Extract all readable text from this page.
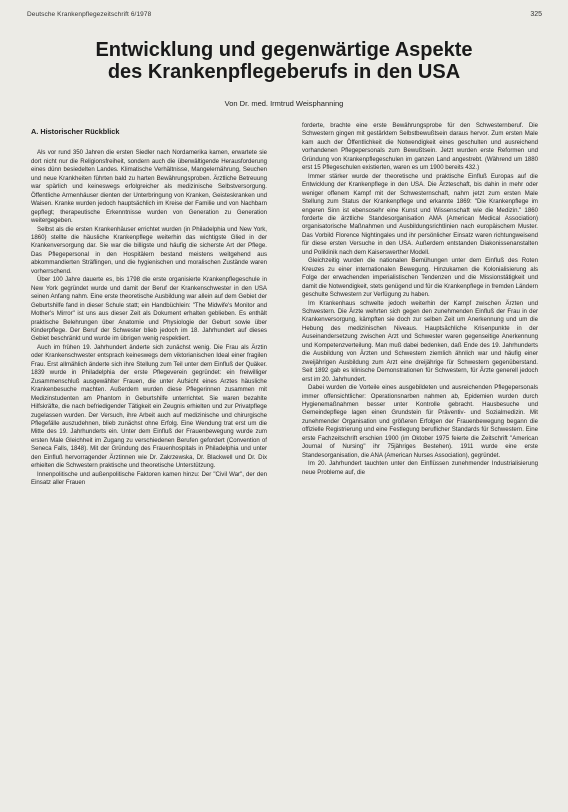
Deutsche Krankenpflegezeitschrift 6/1978	325
Entwicklung und gegenwärtige Aspekte
des Krankenpflegeberufs in den USA
Von Dr. med. Irmtrud Weisphanning
A. Historischer Rückblick

Als vor rund 350 Jahren die ersten Siedler nach Nordamerika kamen, erwartete sie dort nicht nur die Religionsfreiheit, sondern auch die überwältigende Herausforderung eines dünn besiedelten Landes. Klimatische Verhältnisse, Mangelernährung, Seuchen und neue Krankheiten führten bald zu harten Bewährungsproben. Ärztliche Betreuung war spärlich und keineswegs erfolgreicher als medizinische Selbstversorgung. Öffentliche Armenhäuser dienten der Unterbringung von Kranken, Geisteskranken und Waisen. Kranke wurden jedoch hauptsächlich im Kreise der Familie und von Nachbarn gepflegt; therapeutische Erkenntnisse wurden von Generation zu Generation weitergegeben.

Selbst als die ersten Krankenhäuser errichtet wurden (in Philadelphia und New York, 1860) stellte die häusliche Krankenpflege weiterhin das wichtigste Glied in der Krankenversorgung dar. Sie war die billigste und häufig die sicherste Art der Pflege. Das Pflegepersonal in den Hospitälern bestand meistens weitgehend aus abkommandierten Sträflingen, und die hygienischen und moralischen Zustände waren vorherrschend.

Über 100 Jahre dauerte es, bis 1798 die erste organisierte Krankenpflegeschule in New York gegründet wurde und damit der Beruf der Krankenschwester in den USA seinen Anfang nahm. Eine erste theoretische Ausbildung war allein auf dem Gebiet der Geburtshilfe fand in dieser Schule statt; ein Handbüchlein: "The Midwife's Monitor and Mother's Mirror" ist uns aus dieser Zeit als Dokument erhalten geblieben. Es enthält praktische Belehrungen über Anatomie und Physiologie der Geburt sowie über Kinderpflege. Der Beruf der Schwester blieb jedoch im 18. Jahrhundert auf dieses Gebiet beschränkt und wurde im übrigen wenig respektiert.

Auch im frühen 19. Jahrhundert änderte sich zunächst wenig. Die Frau als Ärztin oder Krankenschwester entsprach keineswegs dem viktorianischen Ideal einer fragilen Frau. Erst allmählich änderte sich ihre Stellung zum Teil unter dem Einfluß der Quäker. 1839 wurde in Philadelphia der erste Pflegeverein gegründet: ein freiwilliger Zusammenschluß ausgewählter Frauen, die unter Aufsicht eines Arztes häusliche Krankenbesuche machten. Außerdem wurden diese Pflegerinnen zusammen mit Medizinstudenten am Phantom in Geburtshilfe unterrichtet. Sie waren bezahlte Hilfskräfte, die nach befriedigender Tätigkeit ein Zeugnis erhielten und zur Privatpflege zugelassen wurden. Der Versuch, ihre Arbeit auch auf medizinische und chirurgische Pflegefälle auszudehnen, blieb zunächst ohne Erfolg. Eine Wendung trat erst um die Mitte des 19. Jahrhunderts ein. Unter dem Einfluß der Frauenbewegung wurde zum ersten Male Gleichheit im Zugang zu verschiedenen Berufen gefordert (Convention of Seneca Falls, 1848). Mit der Gründung des Frauenhospitals in Philadelphia und unter den Einfluß hervorragender Ärztinnen wie Dr. Zakrzewska, Dr. Blackwell und Dr. Dix erhielten die Schwestern praktische und theoretische Unterstützung.

Innenpolitische und außenpolitische Faktoren kamen hinzu: Der "Civil War", der den Einsatz aller Frauen

forderte, brachte eine erste Bewährungsprobe für den Schwesternberuf. Die Schwestern gingen mit gestärktem Selbstbewußtsein daraus hervor. Zum ersten Male kam auch der Öffentlichkeit die Notwendigkeit eines geschulten und ausreichend vorhandenen Pflegepersonals zum Bewußtsein. Jetzt wurden erste Reformen und Gründung von Krankenpflegeschulen im ganzen Land angestrebt. (Während um 1880 erst 15 Pflegeschulen existierten, waren es um 1900 bereits 432.)

Immer stärker wurde der theoretische und praktische Einfluß Europas auf die Entwicklung der Krankenpflege in den USA. Die Ärzteschaft, bis dahin in mehr oder weniger offenem Kampf mit der Schwesternschaft, nahm jetzt zum ersten Male Stellung zum Status der Krankenpflege und erkannte 1869: "Die Krankenpflege im engeren Sinn ist ebensosehr eine Kunst und Wissenschaft wie die Medizin." 1860 forderte die ärztliche Standesorganisation AMA (American Medical Association) organisatorische Maßnahmen und Ausbildungsrichtlinien nach europäischem Muster. Das Vorbild Florence Nightingales und ihr persönlicher Einsatz waren richtungweisend für diese ersten Versuche in den USA. Außerdem entstanden Diakonissenanstalten und Poliklinik nach dem Kaiserswerther Modell.

Gleichzeitig wurden die nationalen Bemühungen unter dem Einfluß des Roten Kreuzes zu einer internationalen Bewegung. Hinzukamen die Kolonialisierung als Folge der erwachenden imperialistischen Tendenzen und die Missionstätigkeit und damit die Notwendigkeit, stets genügend und für die Krankenpflege in fremden Ländern geschulte Schwestern zur Verfügung zu haben.

Im Krankenhaus schwelte jedoch weiterhin der Kampf zwischen Ärzten und Schwestern. Die Ärzte wehrten sich gegen den zunehmenden Einfluß der Frau in der Krankenversorgung, kämpften sie doch zur selben Zeit um Anerkennung und um die Hebung des medizinischen Niveaus. Hauptsächliche Krisenpunkte in der Auseinandersetzung zwischen Arzt und Schwester waren gegenseitige Anerkennung und Kompetenzverteilung. Man muß dabei bedenken, daß Ende des 19. Jahrhunderts die Ausbildung von Ärzten und Schwestern ziemlich ähnlich war und häufig einer zweijährigen Ausbildung zum Arzt eine dreijährige für Schwestern gegenüberstand. Seit 1892 gab es klinische Demonstrationen für Schwestern, für Ärzte generell jedoch erst im 20. Jahrhundert.

Dabei wurden die Vorteile eines ausgebildeten und ausreichenden Pflegepersonals immer offensichtlicher: Operationsnarben nahmen ab, Epidemien wurden durch Hygienemaßnahmen besser unter Kontrolle gebracht. Hausbesuche und Gemeindepflege lagen einen Grundstein für Präventiv- und Sozialmedizin. Mit zunehmender Organisation und größeren Erfolgen der Frauenbewegung begann die offizielle Registrierung und eine Festlegung beruflicher Standards für Schwestern. Eine erste Fachzeitschrift erschien 1900 (im Oktober 1975 feierte die Zeitschrift "American Journal of Nursing" ihr 75jähriges Bestehen). 1911 wurde eine erste Standesorganisation, die ANA (American Nurses Association), gegründet.

Im 20. Jahrhundert tauchten unter den Einflüssen zunehmender Industrialisierung neue Probleme auf, die
